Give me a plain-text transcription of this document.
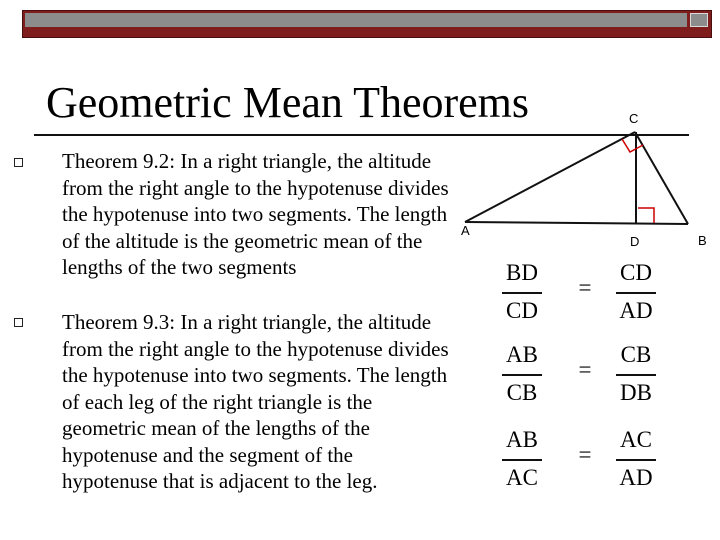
Geometric Mean Theorems
Theorem 9.2: In a right triangle, the altitude from the right angle to the hypotenuse divides the hypotenuse into two segments. The length of the altitude is the geometric mean of the lengths of the two segments
Theorem 9.3: In a right triangle, the altitude from the right angle to the hypotenuse divides the hypotenuse into two segments. The length of each leg of the right triangle is the geometric mean of the lengths of the hypotenuse and the segment of the hypotenuse that is adjacent to the leg.
C
A
D	B
BD
CD
=
CD
AD
AB
CB
=
CB
DB
AB
AC
=
AC
AD
